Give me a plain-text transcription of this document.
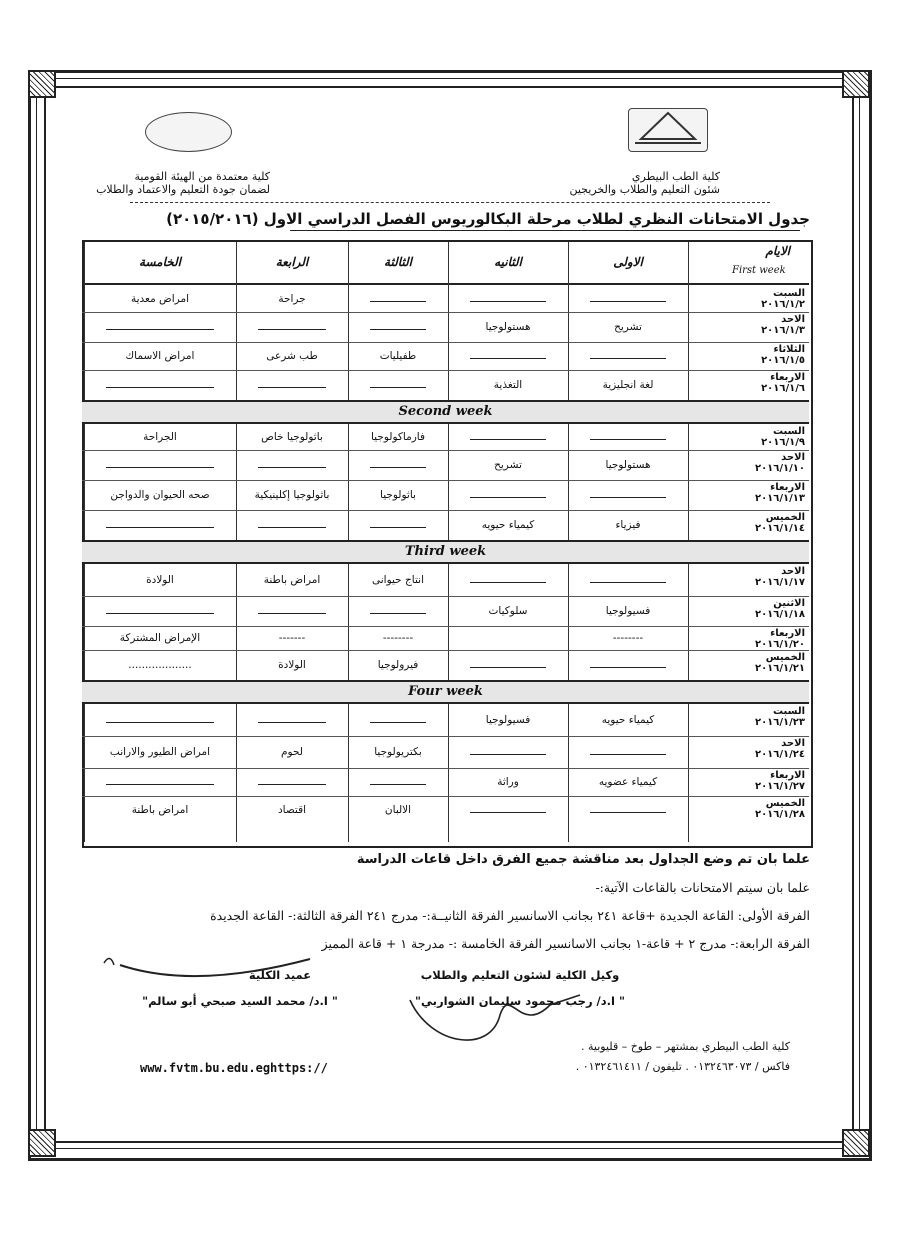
كلية معتمدة من الهيئة القومية
لضمان جودة التعليم والاعتماد والطلاب
كلية الطب البيطري
شئون التعليم والطلاب والخريجين
جدول الامتحانات النظري لطلاب مرحلة البكالوريوس الفصل الدراسي الاول (٢٠١٥/٢٠١٦)
الايام
First week
الاولى
الثانيه
الثالثة
الرابعة
الخامسة
السبت
٢٠١٦/١/٢
جراحة
امراض معدية
الاحد
٢٠١٦/١/٣
تشريح
هستولوجيا
الثلاثاء
٢٠١٦/١/٥
طفيليات
طب شرعى
امراض الاسماك
الاربعاء
٢٠١٦/١/٦
لغة انجليزية
التغذية
Second week
السبت
٢٠١٦/١/٩
فارماكولوجيا
باثولوجيا خاص
الجراحة
الاحد
٢٠١٦/١/١٠
هستولوجيا
تشريح
الاربعاء
٢٠١٦/١/١٣
باثولوجيا
باثولوجيا إكلينيكية
صحه الحيوان والدواجن
الخميس
٢٠١٦/١/١٤
فيزياء
كيمياء حيويه
Third week
الاحد
٢٠١٦/١/١٧
انتاج حيوانى
امراض باطنة
الولادة
الاثنين
٢٠١٦/١/١٨
فسيولوجيا
سلوكيات
الاربعاء
٢٠١٦/١/٢٠
--------
--------
-------
الإمراض المشتركة
الخميس
٢٠١٦/١/٢١
فيرولوجيا
الولادة
...................
Four week
السبت
٢٠١٦/١/٢٣
كيمياء حيويه
فسيولوجيا
الاحد
٢٠١٦/١/٢٤
بكتريولوجيا
لحوم
امراض الطيور والارانب
الاربعاء
٢٠١٦/١/٢٧
كيمياء عضويه
وراثة
الخميس
٢٠١٦/١/٢٨
الالبان
اقتصاد
امراض باطنة
علما بان تم وضع الجداول بعد مناقشة جميع الفرق داخل قاعات الدراسة
علما بان سيتم الامتحانات بالقاعات الآتية:-
الفرقة الأولى: القاعة الجديدة +قاعة ٢٤١ بجانب الاسانسير الفرقة الثانيــة:- مدرج ٢٤١ الفرقة الثالثة:- القاعة الجديدة
الفرقة الرابعة:- مدرج ٢ + قاعة-١ بجانب الاسانسير الفرقة الخامسة :- مدرجة ١ + قاعة المميز
وكيل الكلية لشئون التعليم والطلاب
" ا.د/ رجب محمود سليمان الشواربي"
عميد الكلية
" ا.د/ محمد السيد صبحي أبو سالم"
كلية الطب البيطري بمشتهر – طوخ – قليوبية .
فاكس / ٠١٣٢٤٦٣٠٧٣ . تليفون / ٠١٣٢٤٦١٤١١ .
www.fvtm.bu.edu.eghttps://
